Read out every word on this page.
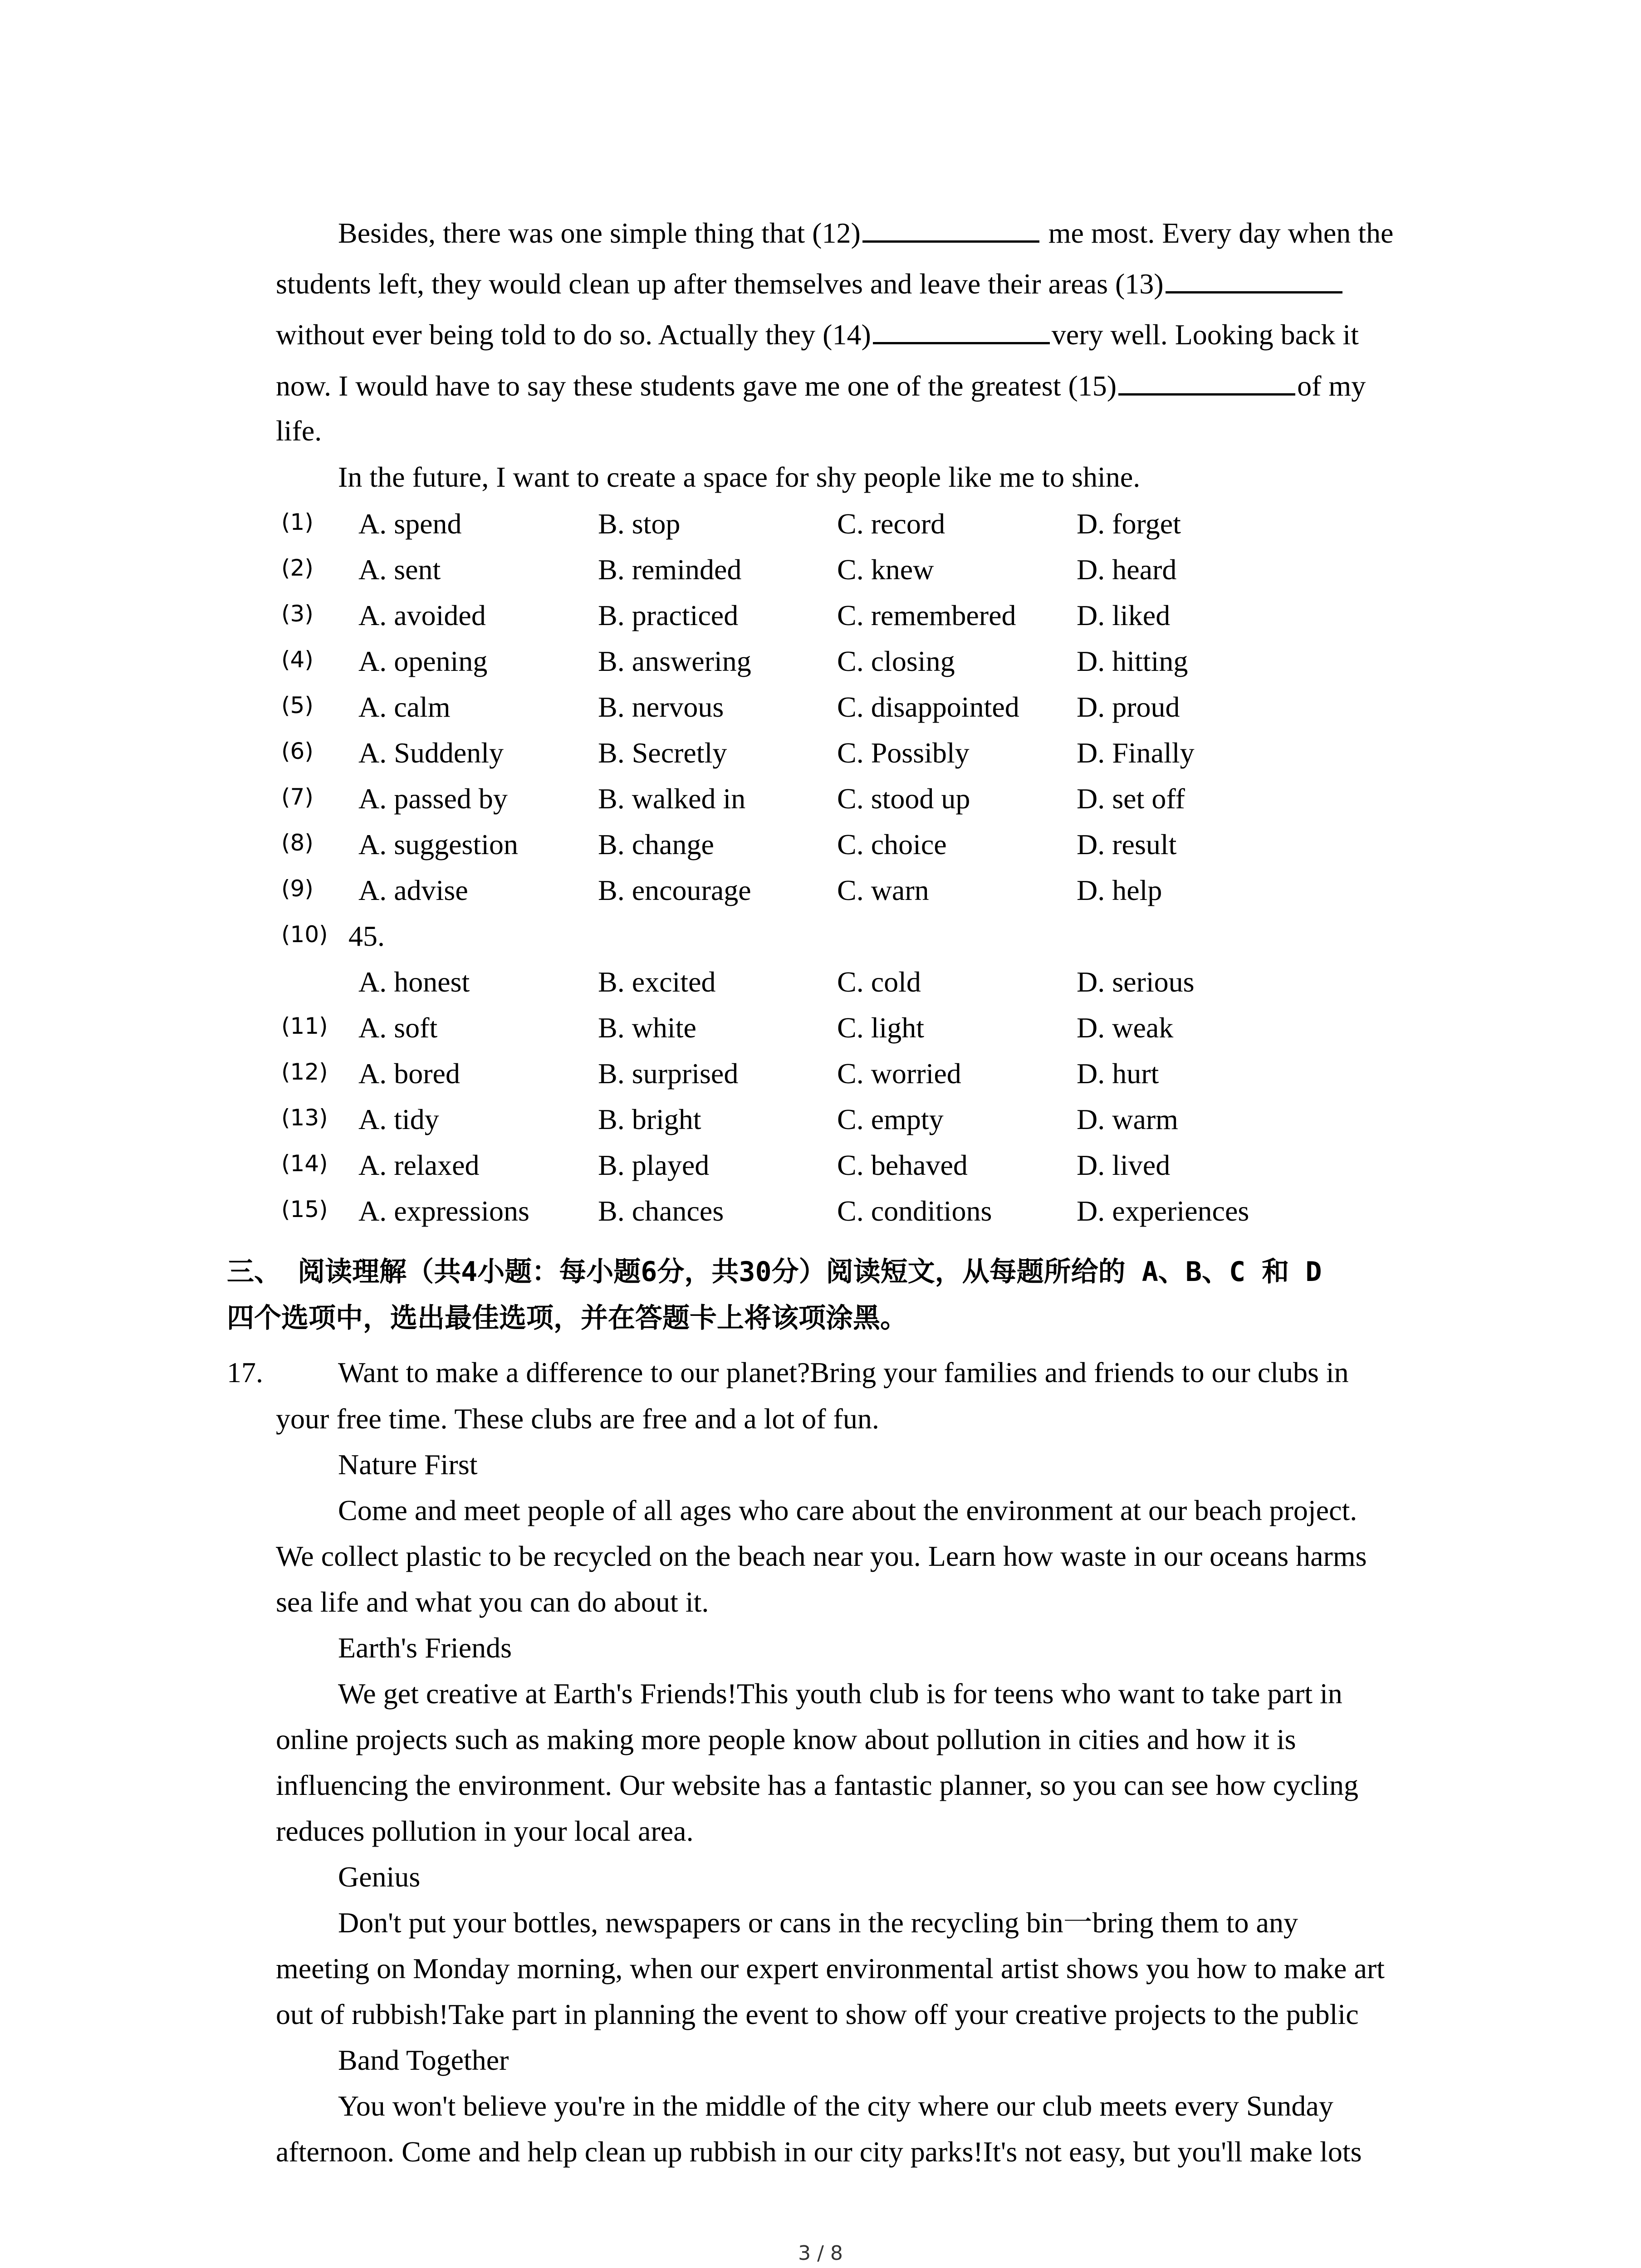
Besides, there was one simple thing that (12)	me most. Every day when the
students left, they would clean up after themselves and leave their areas (13)
without ever being told to do so. Actually they (14)	very well. Looking back it
now. I would have to say these students gave me one of the greatest (15)	of my
life.
In the future, I want to create a space for shy people like me to shine.
(1) A. spend	B. stop	C. record	D. forget
(2) A. sent	B. reminded	C. knew	D. heard
(3) A. avoided	B. practiced	C. remembered D. liked
(4) A. opening	B. answering	C. closing	D. hitting
(5) A. calm	B. nervous	C. disappointed D. proud
(6) A. Suddenly	B. Secretly	C. Possibly	D. Finally
(7) A. passed by	B. walked in	C. stood up	D. set off
(8) A. suggestion	B. change	C. choice	D. result
(9) A. advise	B. encourage	C. warn	D. help
(10) 45.
A. honest	B. excited	C. cold	D. serious
(11) A. soft	B. white	C. light	D. weak
(12) A. bored	B. surprised	C. worried	D. hurt
(13) A. tidy	B. bright	C. empty	D. warm
(14) A. relaxed	B. played	C. behaved	D. lived
(15) A. expressions B. chances	C. conditions	D. experiences
三、 阅读理解（共4小题：每小题6分，共30分）阅读短文，从每题所给的 A、B、C 和 D
四个选项中，选出最佳选项，并在答题卡上将该项涂黑。
17.	Want to make a difference to our planet?Bring your families and friends to our clubs in
your free time. These clubs are free and a lot of fun.
Nature First
Come and meet people of all ages who care about the environment at our beach project.
We collect plastic to be recycled on the beach near you. Learn how waste in our oceans harms
sea life and what you can do about it.
Earth's Friends
We get creative at Earth's Friends!This youth club is for teens who want to take part in
online projects such as making more people know about pollution in cities and how it is
influencing the environment. Our website has a fantastic planner, so you can see how cycling
reduces pollution in your local area.
Genius
Don't put your bottles, newspapers or cans in the recycling bin一bring them to any
meeting on Monday morning, when our expert environmental artist shows you how to make art
out of rubbish!Take part in planning the event to show off your creative projects to the public
Band Together
You won't believe you're in the middle of the city where our club meets every Sunday
afternoon. Come and help clean up rubbish in our city parks!It's not easy, but you'll make lots
3 / 8
